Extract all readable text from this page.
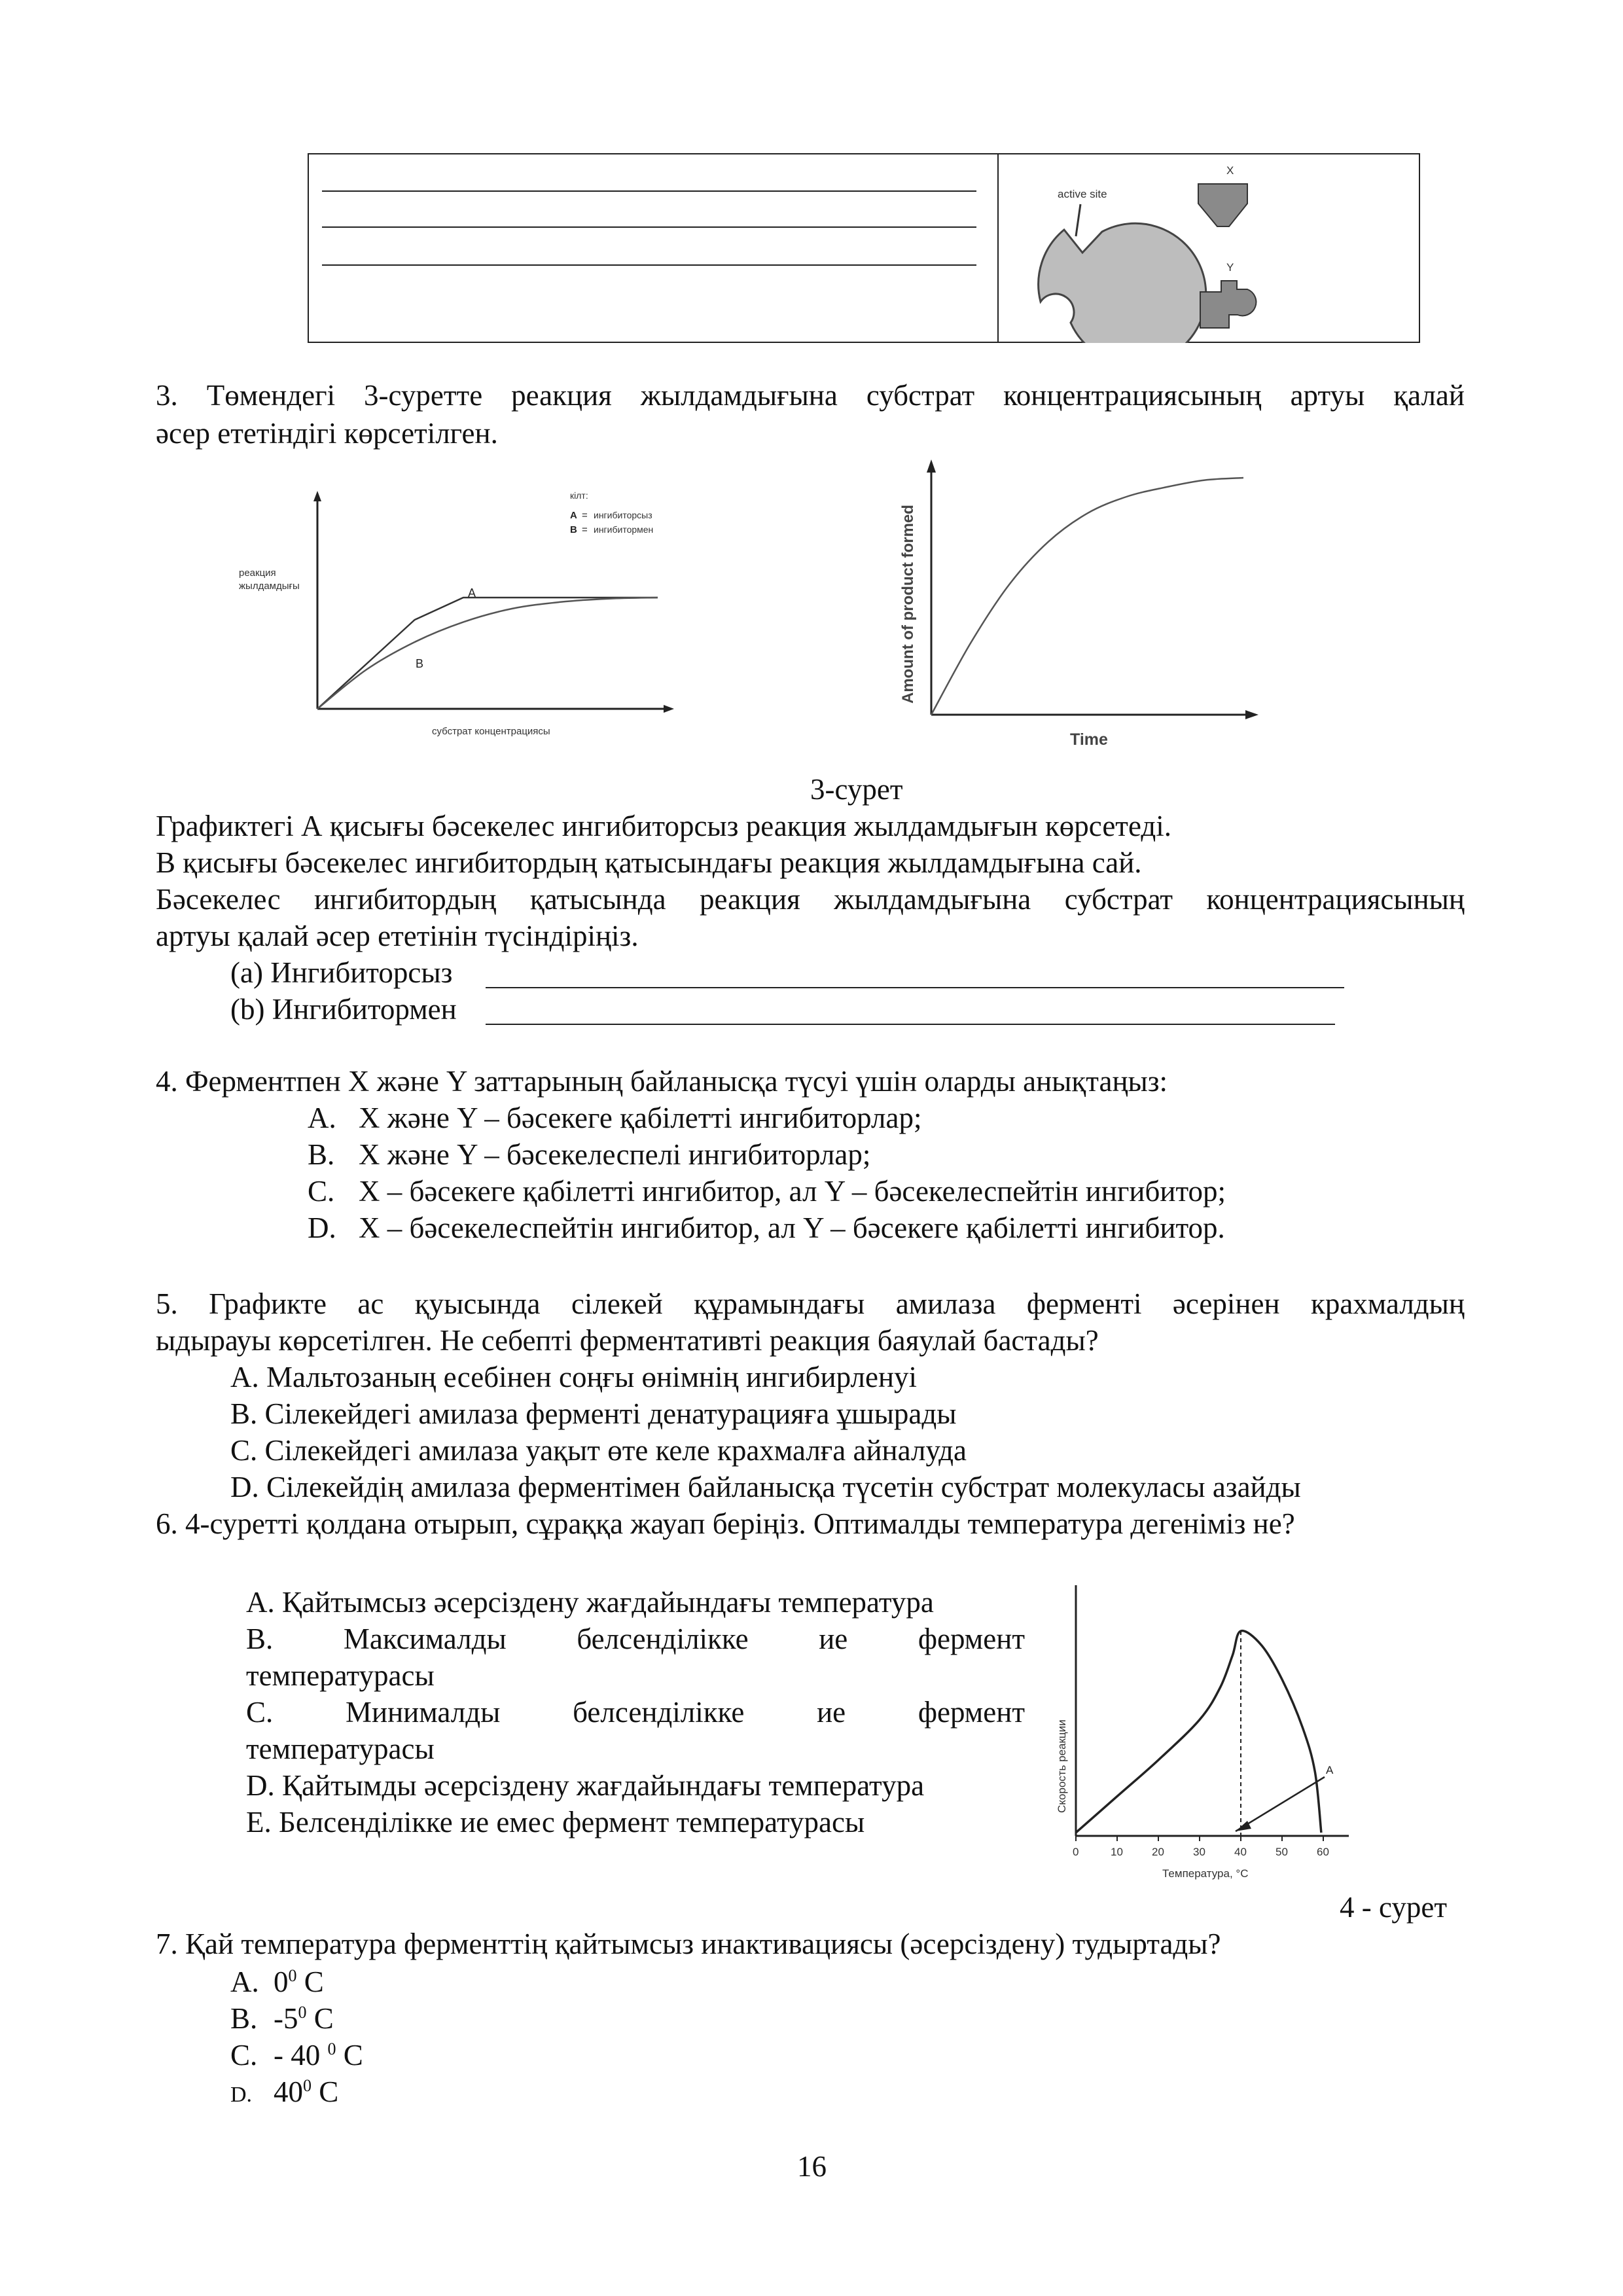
active site
X
Y
3. Төмендегі 3-суретте реакция жылдамдығына субстрат концентрациясының артуы қалай
әсер ететіндігі көрсетілген.
A
B
реакция
жылдамдығы
субстрат концентрациясы
кілт:
A = ингибиторсыз
B = ингибитормен	Amount of product formed
Time
3-сурет
Графиктегі А қисығы бәсекелес ингибиторсыз реакция жылдамдығын көрсетеді.
В қисығы бәсекелес ингибитордың қатысындағы реакция жылдамдығына сай.
Бәсекелес ингибитордың қатысында реакция жылдамдығына субстрат концентрациясының
артуы қалай әсер ететінін түсіндіріңіз.
(a) Ингибиторсыз
(b) Ингибитормен
4. Ферментпен X және Y заттарының байланысқа түсуі үшін оларды анықтаңыз:
A. X және Y – бәсекеге қабілетті ингибиторлар;
B. X және Y – бәсекелеспелі ингибиторлар;
C. X – бәсекеге қабілетті ингибитор, ал Y – бәсекелеспейтін ингибитор;
D. X – бәсекелеспейтін ингибитор, ал Y – бәсекеге қабілетті ингибитор.
5. Графикте ас қуысында сілекей құрамындағы амилаза ферменті әсерінен крахмалдың
ыдырауы көрсетілген. Не себепті ферментативті реакция баяулай бастады?
A. Мальтозаның есебінен соңғы өнімнің ингибирленуі
B. Сілекейдегі амилаза ферменті денатурацияға ұшырады
C. Сілекейдегі амилаза уақыт өте келе крахмалға айналуда
D. Сілекейдің амилаза ферментімен байланысқа түсетін субстрат молекуласы азайды
6. 4-суретті қолдана отырып, сұраққа жауап беріңіз. Оптималды температура дегеніміз не?
A. Қайтымсыз әсерсіздену жағдайындағы температура
B. Максималды белсенділікке ие фермент
температурасы
C. Минималды белсенділікке ие фермент
температурасы
D. Қайтымды әсерсіздену жағдайындағы температура
E. Белсенділікке ие емес фермент температурасы
0	10	20	30	40	50	60
A
Скорость реакции
Температура, °С
4 - сурет
7. Қай температура ферменттің қайтымсыз инактивациясы (әсерсіздену) тудыртады?
A. $0^0$ C
B. $-5^0$ C
C. - 40 $^0$ C
D. $40^0$ C
16
